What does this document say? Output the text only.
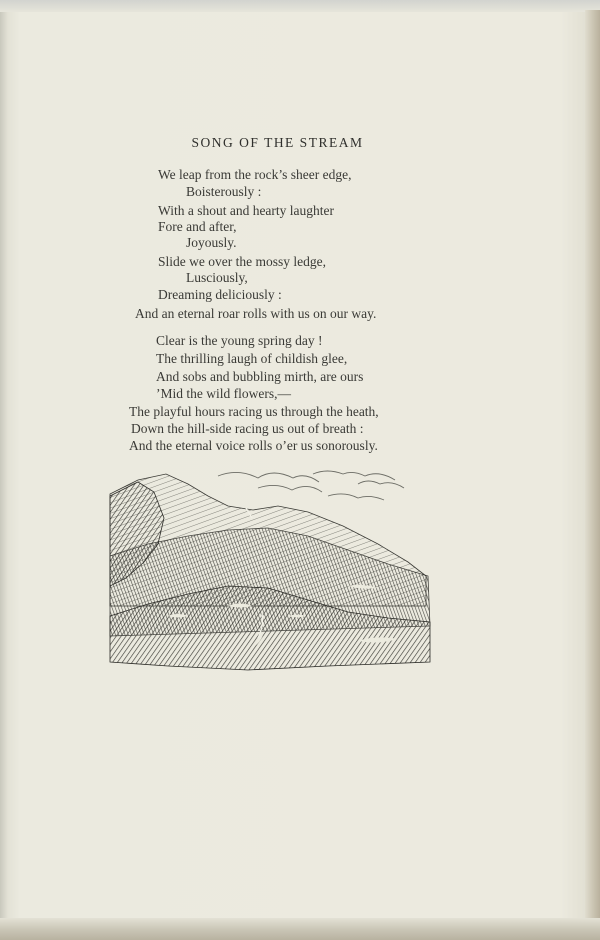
SONG OF THE STREAM
We leap from the rock’s sheer edge,
Boisterously :
With a shout and hearty laughter
Fore and after,
Joyously.
Slide we over the mossy ledge,
Lusciously,
Dreaming deliciously :
And an eternal roar rolls with us on our way.
Clear is the young spring day !
The thrilling laugh of childish glee,
And sobs and bubbling mirth, are ours
’Mid the wild flowers,—
The playful hours racing us through the heath,
Down the hill-side racing us out of breath :
And the eternal voice rolls o’er us sonorously.
